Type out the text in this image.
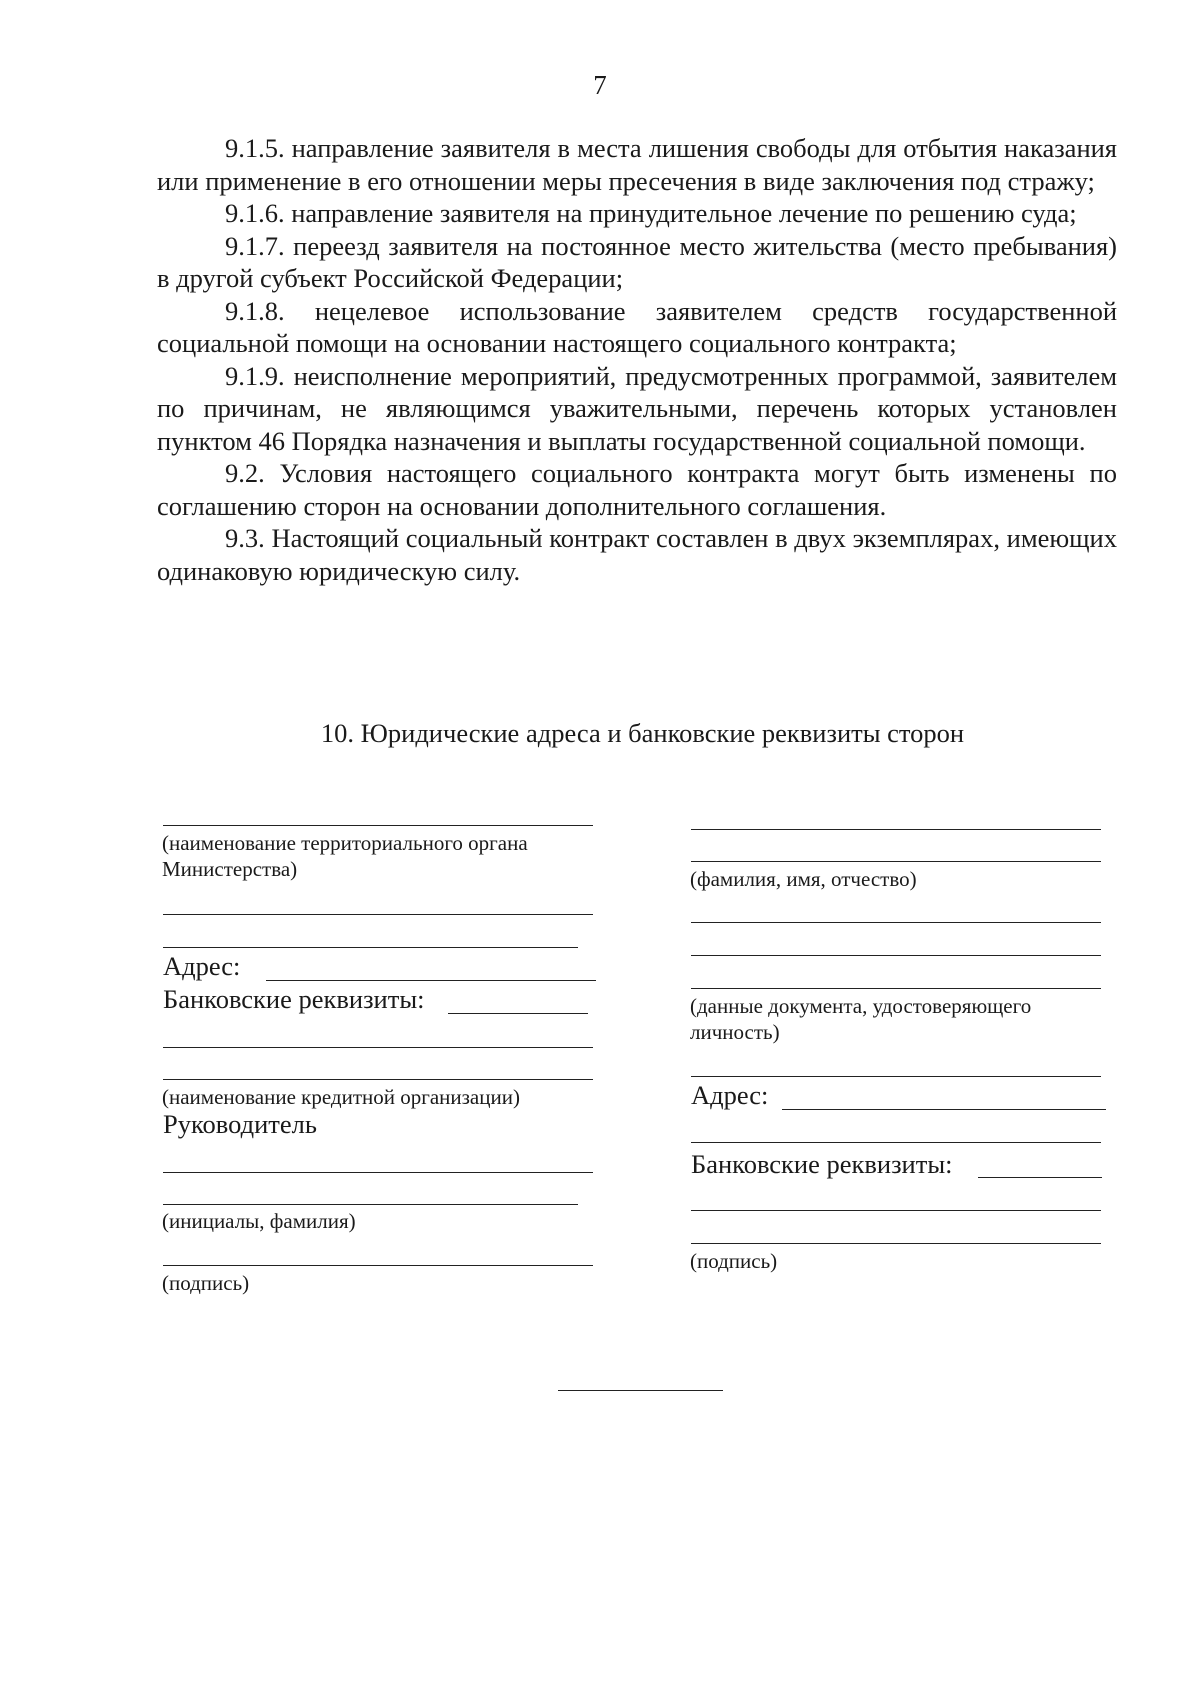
7

9.1.5. направление заявителя в места лишения свободы для отбытия наказания или применение в его отношении меры пресечения в виде заключения под стражу;

9.1.6. направление заявителя на принудительное лечение по решению суда;

9.1.7. переезд заявителя на постоянное место жительства (место пребывания) в другой субъект Российской Федерации;

9.1.8. нецелевое использование заявителем средств государственной социальной помощи на основании настоящего социального контракта;

9.1.9. неисполнение мероприятий, предусмотренных программой, заявителем по причинам, не являющимся уважительными, перечень которых установлен пунктом 46 Порядка назначения и выплаты государственной социальной помощи.

9.2. Условия настоящего социального контракта могут быть изменены по соглашению сторон на основании дополнительного соглашения.

9.3. Настоящий социальный контракт составлен в двух экземплярах, имеющих одинаковую юридическую силу.

10. Юридические адреса и банковские реквизиты сторон
(наименование территориального органа
Министерства)
Адрес:
Банковские реквизиты:
(наименование кредитной организации)
Руководитель
(инициалы, фамилия)
(подпись)
(фамилия, имя, отчество)
(данные документа, удостоверяющего
личность)
Адрес:
Банковские реквизиты:
(подпись)
